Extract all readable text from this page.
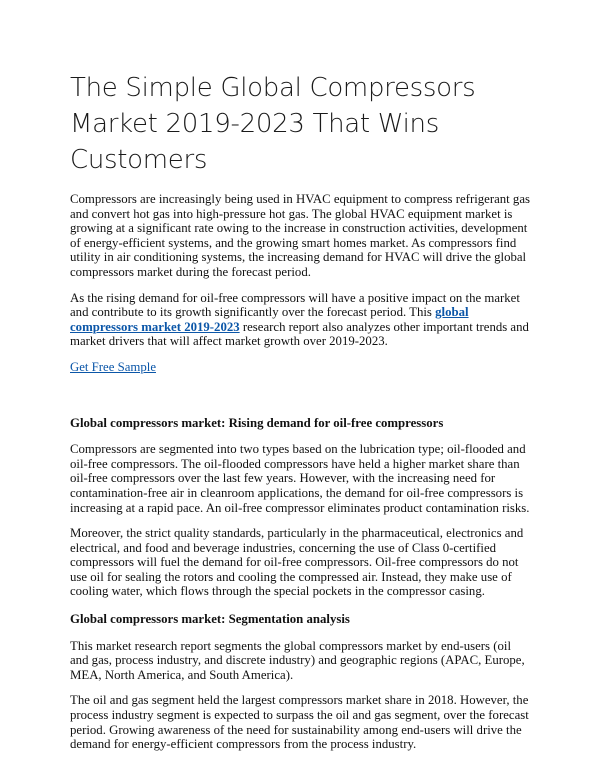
The Simple Global Compressors Market 2019-2023 That Wins Customers

Compressors are increasingly being used in HVAC equipment to compress refrigerant gas and convert hot gas into high-pressure hot gas. The global HVAC equipment market is growing at a significant rate owing to the increase in construction activities, development of energy-efficient systems, and the growing smart homes market. As compressors find utility in air conditioning systems, the increasing demand for HVAC will drive the global compressors market during the forecast period.

As the rising demand for oil-free compressors will have a positive impact on the market and contribute to its growth significantly over the forecast period. This global compressors market 2019-2023 research report also analyzes other important trends and market drivers that will affect market growth over 2019-2023.

Get Free Sample

Global compressors market: Rising demand for oil-free compressors

Compressors are segmented into two types based on the lubrication type; oil-flooded and oil-free compressors. The oil-flooded compressors have held a higher market share than oil-free compressors over the last few years. However, with the increasing need for contamination-free air in cleanroom applications, the demand for oil-free compressors is increasing at a rapid pace. An oil-free compressor eliminates product contamination risks.

Moreover, the strict quality standards, particularly in the pharmaceutical, electronics and electrical, and food and beverage industries, concerning the use of Class 0-certified compressors will fuel the demand for oil-free compressors. Oil-free compressors do not use oil for sealing the rotors and cooling the compressed air. Instead, they make use of cooling water, which flows through the special pockets in the compressor casing.

Global compressors market: Segmentation analysis

This market research report segments the global compressors market by end-users (oil and gas, process industry, and discrete industry) and geographic regions (APAC, Europe, MEA, North America, and South America).

The oil and gas segment held the largest compressors market share in 2018. However, the process industry segment is expected to surpass the oil and gas segment, over the forecast period. Growing awareness of the need for sustainability among end-users will drive the demand for energy-efficient compressors from the process industry.
